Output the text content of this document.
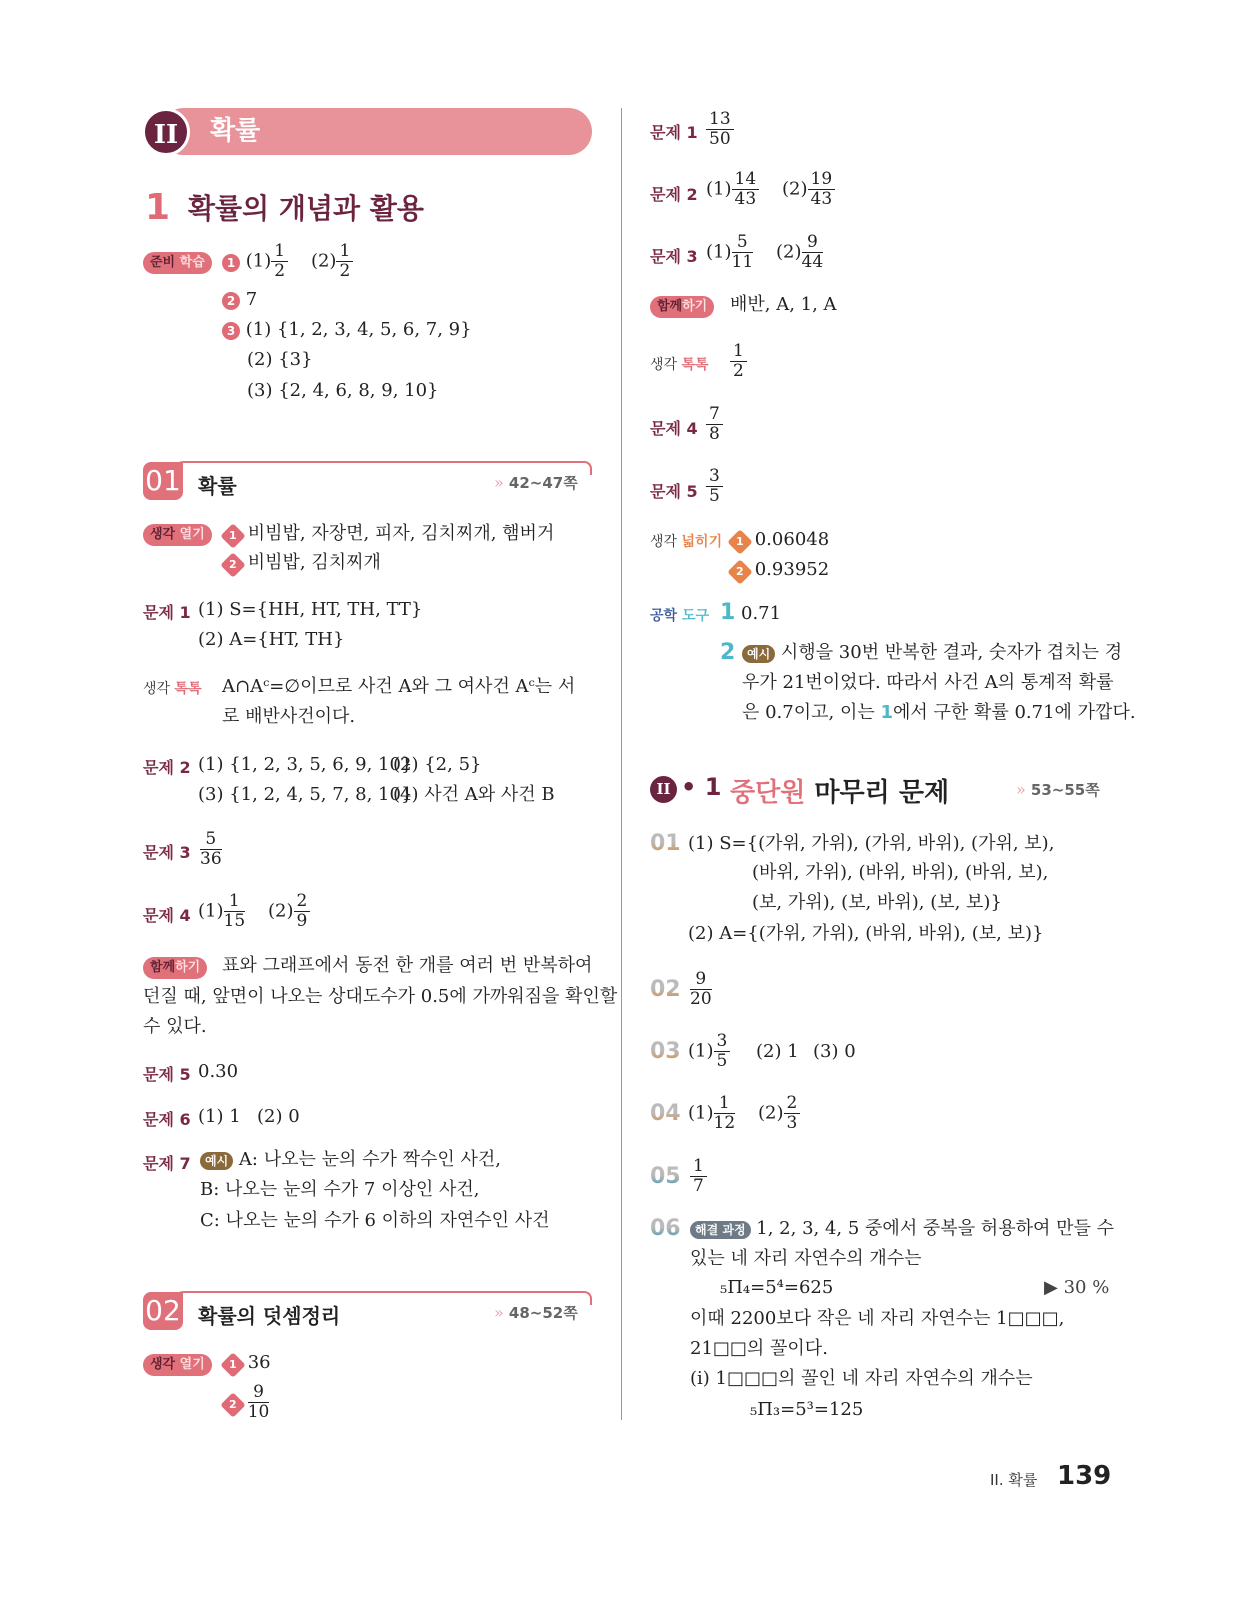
II	확률
1 확률의 개념과 활용
준비 학습	1 $(1) \frac{1}{2} (2) \frac{1}{2}$
2 7
3 (1) {1, 2, 3, 4, 5, 6, 7, 9}
(2) {3}
(3) {2, 4, 6, 8, 9, 10}
01 확률	» 42~47쪽
생각 열기	1 비빔밥, 자장면, 피자, 김치찌개, 햄버거
2 비빔밥, 김치찌개
문제 1 (1) S={HH, HT, TH, TT}
(2) A={HT, TH}
생각 톡톡 A∩Aᶜ=∅이므로 사건 A와 그 여사건 Aᶜ는 서
로 배반사건이다.
문제 2 (1) {1, 2, 3, 5, 6, 9, 10}
(2) {2, 5}
(3) {1, 2, 4, 5, 7, 8, 10}
(4) 사건 A와 사건 B
문제 $3 \frac{5}{36}$
문제 4 $(1) \frac{1}{15} (2) \frac{2}{9}$
함께하기	표와 그래프에서 동전 한 개를 여러 번 반복하여
던질 때, 앞면이 나오는 상대도수가 0.5에 가까워짐을 확인할
수 있다.
문제 5 0.30
문제 6 (1) 1 (2) 0
문제 7	예시 A: 나오는 눈의 수가 짝수인 사건,
B: 나오는 눈의 수가 7 이상인 사건,
C: 나오는 눈의 수가 6 이하의 자연수인 사건
02 확률의 덧셈정리	» 48~52쪽
생각 열기	1 36
$2 \frac{9}{10}$
문제 $1 \frac{13}{50}$
문제 2 $(1) \frac{14}{43} (2) \frac{19}{43}$
문제 3 $(1) \frac{5}{11} (2) \frac{9}{44}$
함께하기	배반, A, 1, A
생각 톡톡 $\frac{1}{2}$
문제 $4 \frac{7}{8}$
문제 $5 \frac{3}{5}$
생각 넓히기	1 0.06048
2 0.93952
공학 도구 1 0.71
2 예시 시행을 30번 반복한 결과, 숫자가 겹치는 경
우가 21번이었다. 따라서 사건 A의 통계적 확률
은 0.7이고, 이는 1에서 구한 확률 0.71에 가깝다.
II • 1 중단원 마무리 문제	» 53~55쪽
01 (1) S={(가위, 가위), (가위, 바위), (가위, 보),
(바위, 가위), (바위, 바위), (바위, 보),
(보, 가위), (보, 바위), (보, 보)}
(2) A={(가위, 가위), (바위, 바위), (보, 보)}
$02 \frac{9}{20}$
03 $(1) \frac{3}{5} (2)$ 1 (3) 0
04 $(1) \frac{1}{12} (2) \frac{2}{3}$
$05 \frac{1}{7}$
06	해결 과정 1, 2, 3, 4, 5 중에서 중복을 허용하여 만들 수
있는 네 자리 자연수의 개수는
₅Π₄=5⁴=625	▶ 30 %
이때 2200보다 작은 네 자리 자연수는 1□□□,
21□□의 꼴이다.
(i) 1□□□의 꼴인 네 자리 자연수의 개수는
₅Π₃=5³=125
II. 확률 139
